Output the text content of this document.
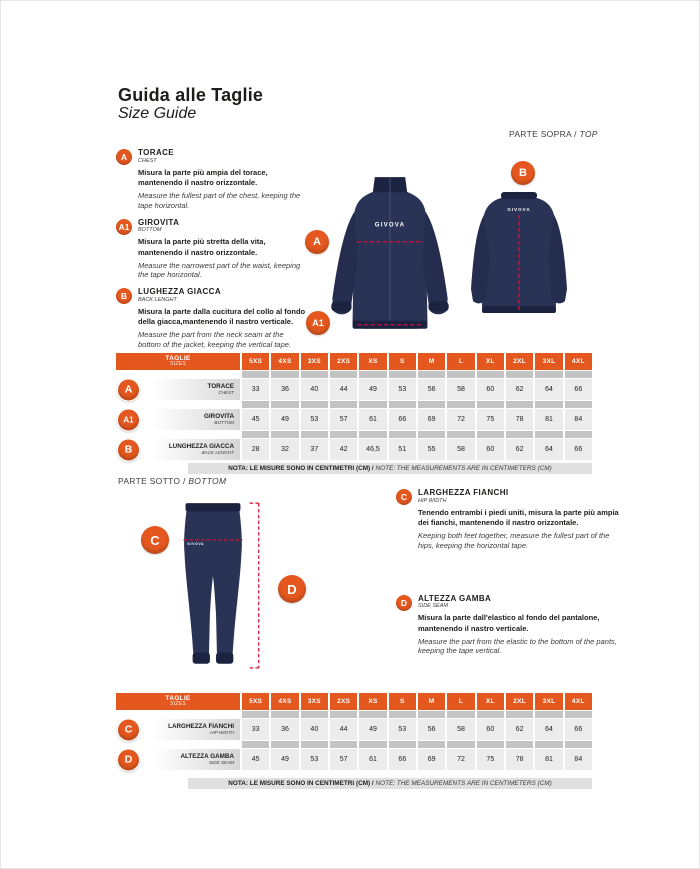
Guida alle Taglie
Size Guide
PARTE SOPRA / TOP
A	TORACE

CHEST

Misura la parte più ampia del torace, mantenendo il nastro orizzontale.

Measure the fullest part of the chest, keeping the tape horizontal.

A1	GIROVITA

BOTTOM

Misura la parte più stretta della vita, mantenendo il nastro orizzontale.

Measure the narrowest part of the waist, keeping the tape horizontal.

B	LUGHEZZA GIACCA

BACK LENGHT

Misura la parte dalla cucitura del collo al fondo della giacca,mantenendo il nastro verticale.

Measure the part from the neck seam at the bottom of the jacket, keeping the vertical tape.

GIVOVA
GIVOVA
GIVOVA
A
A1
B
C
D
TAGLIE
SIZES	5XS	4XS	3XS	2XS	XS	S	M	L	XL	2XL	3XL	4XL
A	TORACE
CHEST	33	36	40	44	49	53	56	58	60	62	64	66
A1	GIROVITA
BOTTOM	45	49	53	57	61	66	69	72	75	78	81	84
B	LUNGHEZZA GIACCA
BACK LENGHT	28	32	37	42	46,5	51	55	58	60	62	64	66
NOTA: LE MISURE SONO IN CENTIMETRI (CM) / NOTE: THE MEASUREMENTS ARE IN CENTIMETERS (CM)
PARTE SOTTO / BOTTOM
C	LARGHEZZA FIANCHI

HIP WIDTH

Tenendo entrambi i piedi uniti, misura la parte più ampia dei fianchi, mantenendo il nastro orizzontale.

Keeping both feet together, measure the fullest part of the hips, keeping the horizontal tape.

D	ALTEZZA GAMBA

SIDE SEAM

Misura la parte dall'elastico al fondo del pantalone, mantenendo il nastro verticale.

Measure the part from the elastic to the bottom of the pants, keeping the tape vertical.

TAGLIE
SIZES	5XS	4XS	3XS	2XS	XS	S	M	L	XL	2XL	3XL	4XL
C	LARGHEZZA FIANCHI
HIP WIDTH	33	36	40	44	49	53	56	58	60	62	64	66
D	ALTEZZA GAMBA
SIDE SEAM	45	49	53	57	61	66	69	72	75	78	81	84
NOTA: LE MISURE SONO IN CENTIMETRI (CM) / NOTE: THE MEASUREMENTS ARE IN CENTIMETERS (CM)
